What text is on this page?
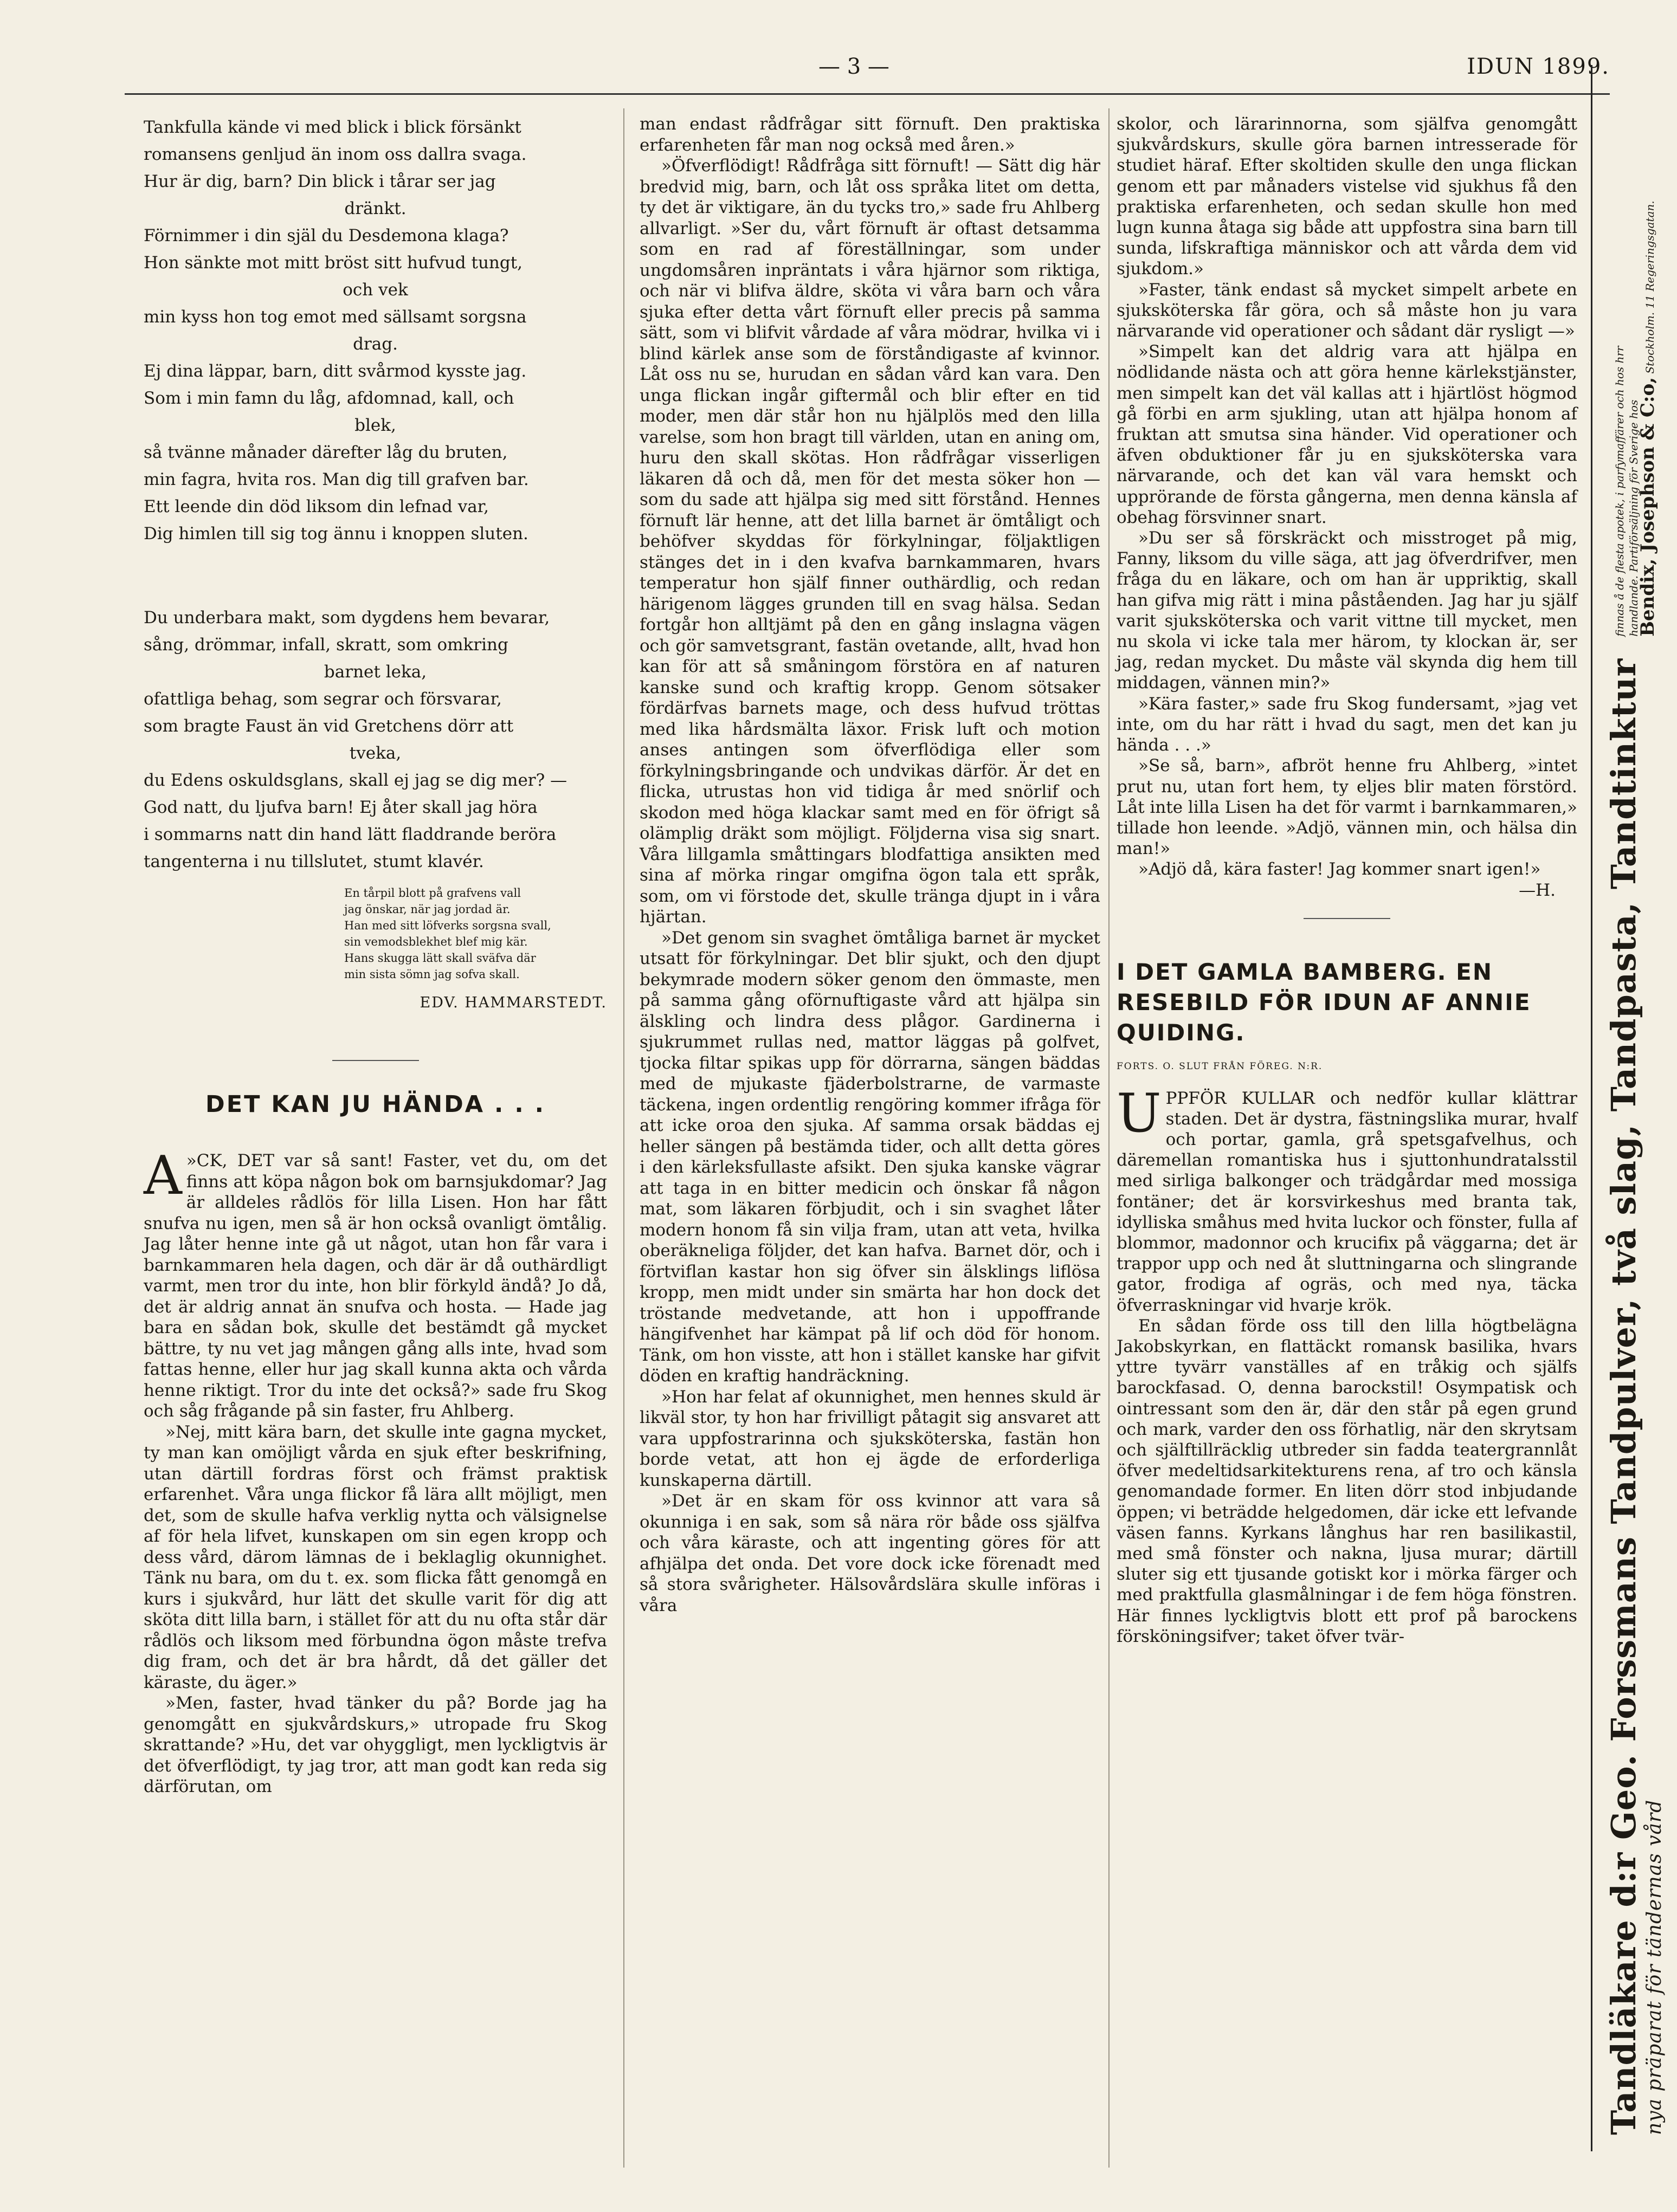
— 3 —	IDUN 1899.

Tankfulla kände vi med blick i blick försänkt

romansens genljud än inom oss dallra svaga.

Hur är dig, barn? Din blick i tårar ser jag

dränkt.

Förnimmer i din själ du Desdemona klaga?

Hon sänkte mot mitt bröst sitt hufvud tungt,

och vek

min kyss hon tog emot med sällsamt sorgsna

drag.

Ej dina läppar, barn, ditt svårmod kysste jag.

Som i min famn du låg, afdomnad, kall, och

blek,

så tvänne månader därefter låg du bruten,

min fagra, hvita ros. Man dig till grafven bar.

Ett leende din död liksom din lefnad var,

Dig himlen till sig tog ännu i knoppen sluten.

Du underbara makt, som dygdens hem bevarar,

sång, drömmar, infall, skratt, som omkring

barnet leka,

ofattliga behag, som segrar och försvarar,

som bragte Faust än vid Gretchens dörr att

tveka,

du Edens oskuldsglans, skall ej jag se dig mer? —

God natt, du ljufva barn! Ej åter skall jag höra

i sommarns natt din hand lätt fladdrande beröra

tangenterna i nu tillslutet, stumt klavér.

En tårpil blott på grafvens vall

jag önskar, när jag jordad är.

Han med sitt löfverks sorgsna svall,

sin vemodsblekhet blef mig kär.

Hans skugga lätt skall sväfva där

min sista sömn jag sofva skall.

EDV. HAMMARSTEDT.

DET KAN JU HÄNDA . . .

»
A CK, DET var så sant! Faster, vet du, om det finns att köpa någon bok om barnsjukdomar? Jag är alldeles rådlös för lilla Lisen. Hon har fått snufva nu igen, men så är hon också ovanligt ömtålig. Jag låter henne inte gå ut något, utan hon får vara i barnkammaren hela dagen, och där är då outhärdligt varmt, men tror du inte, hon blir förkyld ändå? Jo då, det är aldrig annat än snufva och hosta. — Hade jag bara en sådan bok, skulle det bestämdt gå mycket bättre, ty nu vet jag mången gång alls inte, hvad som fattas henne, eller hur jag skall kunna akta och vårda henne riktigt. Tror du inte det också?» sade fru Skog och såg frågande på sin faster, fru Ahlberg.

»Nej, mitt kära barn, det skulle inte gagna mycket, ty man kan omöjligt vårda en sjuk efter beskrifning, utan därtill fordras först och främst praktisk erfarenhet. Våra unga flickor få lära allt möjligt, men det, som de skulle hafva verklig nytta och välsignelse af för hela lifvet, kunskapen om sin egen kropp och dess vård, därom lämnas de i beklaglig okunnighet. Tänk nu bara, om du t. ex. som flicka fått genomgå en kurs i sjukvård, hur lätt det skulle varit för dig att sköta ditt lilla barn, i stället för att du nu ofta står där rådlös och liksom med förbundna ögon måste trefva dig fram, och det är bra hårdt, då det gäller det käraste, du äger.»

»Men, faster, hvad tänker du på? Borde jag ha genomgått en sjukvårdskurs,» utropade fru Skog skrattande? »Hu, det var ohyggligt, men lyckligtvis är det öfverflödigt, ty jag tror, att man godt kan reda sig därförutan, om

man endast rådfrågar sitt förnuft. Den praktiska erfarenheten får man nog också med åren.»

»Öfverflödigt! Rådfråga sitt förnuft! — Sätt dig här bredvid mig, barn, och låt oss språka litet om detta, ty det är viktigare, än du tycks tro,» sade fru Ahlberg allvarligt. »Ser du, vårt förnuft är oftast detsamma som en rad af föreställningar, som under ungdomsåren inpräntats i våra hjärnor som riktiga, och när vi blifva äldre, sköta vi våra barn och våra sjuka efter detta vårt förnuft eller precis på samma sätt, som vi blifvit vårdade af våra mödrar, hvilka vi i blind kärlek anse som de förståndigaste af kvinnor. Låt oss nu se, hurudan en sådan vård kan vara. Den unga flickan ingår giftermål och blir efter en tid moder, men där står hon nu hjälplös med den lilla varelse, som hon bragt till världen, utan en aning om, huru den skall skötas. Hon rådfrågar visserligen läkaren då och då, men för det mesta söker hon — som du sade att hjälpa sig med sitt förstånd. Hennes förnuft lär henne, att det lilla barnet är ömtåligt och behöfver skyddas för förkylningar, följaktligen stänges det in i den kvafva barnkammaren, hvars temperatur hon själf finner outhärdlig, och redan härigenom lägges grunden till en svag hälsa. Sedan fortgår hon alltjämt på den en gång inslagna vägen och gör samvetsgrant, fastän ovetande, allt, hvad hon kan för att så småningom förstöra en af naturen kanske sund och kraftig kropp. Genom sötsaker fördärfvas barnets mage, och dess hufvud tröttas med lika hårdsmälta läxor. Frisk luft och motion anses antingen som öfverflödiga eller som förkylningsbringande och undvikas därför. Är det en flicka, utrustas hon vid tidiga år med snörlif och skodon med höga klackar samt med en för öfrigt så olämplig dräkt som möjligt. Följderna visa sig snart. Våra lillgamla småttingars blodfattiga ansikten med sina af mörka ringar omgifna ögon tala ett språk, som, om vi förstode det, skulle tränga djupt in i våra hjärtan.

»Det genom sin svaghet ömtåliga barnet är mycket utsatt för förkylningar. Det blir sjukt, och den djupt bekymrade modern söker genom den ömmaste, men på samma gång oförnuftigaste vård att hjälpa sin älskling och lindra dess plågor. Gardinerna i sjukrummet rullas ned, mattor läggas på golfvet, tjocka filtar spikas upp för dörrarna, sängen bäddas med de mjukaste fjäderbolstrarne, de varmaste täckena, ingen ordentlig rengöring kommer ifråga för att icke oroa den sjuka. Af samma orsak bäddas ej heller sängen på bestämda tider, och allt detta göres i den kärleksfullaste afsikt. Den sjuka kanske vägrar att taga in en bitter medicin och önskar få någon mat, som läkaren förbjudit, och i sin svaghet låter modern honom få sin vilja fram, utan att veta, hvilka oberäkneliga följder, det kan hafva. Barnet dör, och i förtviflan kastar hon sig öfver sin älsklings liflösa kropp, men midt under sin smärta har hon dock det tröstande medvetande, att hon i uppoffrande hängifvenhet har kämpat på lif och död för honom. Tänk, om hon visste, att hon i stället kanske har gifvit döden en kraftig handräckning.

»Hon har felat af okunnighet, men hennes skuld är likväl stor, ty hon har frivilligt påtagit sig ansvaret att vara uppfostrarinna och sjuksköterska, fastän hon borde vetat, att hon ej ägde de erforderliga kunskaperna därtill.

»Det är en skam för oss kvinnor att vara så okunniga i en sak, som så nära rör både oss själfva och våra käraste, och att ingenting göres för att afhjälpa det onda. Det vore dock icke förenadt med så stora svårigheter. Hälsovårdslära skulle införas i våra

skolor, och lärarinnorna, som själfva genomgått sjukvårdskurs, skulle göra barnen intresserade för studiet häraf. Efter skoltiden skulle den unga flickan genom ett par månaders vistelse vid sjukhus få den praktiska erfarenheten, och sedan skulle hon med lugn kunna åtaga sig både att uppfostra sina barn till sunda, lifskraftiga människor och att vårda dem vid sjukdom.»

»Faster, tänk endast så mycket simpelt arbete en sjuksköterska får göra, och så måste hon ju vara närvarande vid operationer och sådant där rysligt —»

»Simpelt kan det aldrig vara att hjälpa en nödlidande nästa och att göra henne kärlekstjänster, men simpelt kan det väl kallas att i hjärtlöst högmod gå förbi en arm sjukling, utan att hjälpa honom af fruktan att smutsa sina händer. Vid operationer och äfven obduktioner får ju en sjuksköterska vara närvarande, och det kan väl vara hemskt och upprörande de första gångerna, men denna känsla af obehag försvinner snart.

»Du ser så förskräckt och misstroget på mig, Fanny, liksom du ville säga, att jag öfverdrifver, men fråga du en läkare, och om han är uppriktig, skall han gifva mig rätt i mina påståenden. Jag har ju själf varit sjuksköterska och varit vittne till mycket, men nu skola vi icke tala mer härom, ty klockan är, ser jag, redan mycket. Du måste väl skynda dig hem till middagen, vännen min?»

»Kära faster,» sade fru Skog fundersamt, »jag vet inte, om du har rätt i hvad du sagt, men det kan ju hända . . .»

»Se så, barn», afbröt henne fru Ahlberg, »intet prut nu, utan fort hem, ty eljes blir maten förstörd. Låt inte lilla Lisen ha det för varmt i barnkammaren,» tillade hon leende. »Adjö, vännen min, och hälsa din man!»

»Adjö då, kära faster! Jag kommer snart igen!»
—H.

I DET GAMLA BAMBERG. EN RESEBILD FÖR IDUN AF ANNIE QUIDING.

FORTS. O. SLUT FRÅN FÖREG. N:R.

UPPFÖR KULLAR och nedför kullar klättrar staden. Det är dystra, fästningslika murar, hvalf och portar, gamla, grå spetsgafvelhus, och däremellan romantiska hus i sjuttonhundratalsstil med sirliga balkonger och trädgårdar med mossiga fontäner; det är korsvirkeshus med branta tak, idylliska småhus med hvita luckor och fönster, fulla af blommor, madonnor och krucifix på väggarna; det är trappor upp och ned åt sluttningarna och slingrande gator, frodiga af ogräs, och med nya, täcka öfverraskningar vid hvarje krök.

En sådan förde oss till den lilla högtbelägna Jakobskyrkan, en flattäckt romansk basilika, hvars yttre tyvärr vanställes af en tråkig och själfs barockfasad. O, denna barockstil! Osympatisk och ointressant som den är, där den står på egen grund och mark, varder den oss förhatlig, när den skrytsam och själftillräcklig utbreder sin fadda teatergrannlåt öfver medeltidsarkitekturens rena, af tro och känsla genomandade former. En liten dörr stod inbjudande öppen; vi beträdde helgedomen, där icke ett lefvande väsen fanns. Kyrkans långhus har ren basilikastil, med små fönster och nakna, ljusa murar; därtill sluter sig ett tjusande gotiskt kor i mörka färger och med praktfulla glasmålningar i de fem höga fönstren. Här finnes lyckligtvis blott ett prof på barockens försköningsifver; taket öfver tvär-	Tandläkare d:r Geo. Forssmans Tandpulver, två slag, Tandpasta, Tandtinktur nya präparat för tändernas vård
finnas å de flesta apotek, i parfymaffärer och hos hrr handlande. Partiförsäljning för Sverige hos
Bendix, Josephson & C:o, Stockholm. 11 Regeringsgatan.
